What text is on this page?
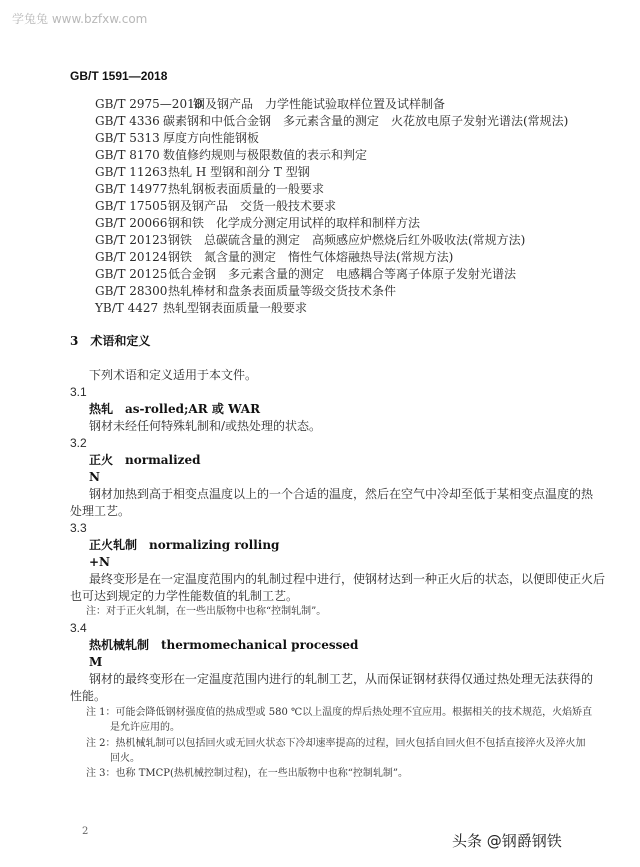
学兔兔 www.bzfxw.com
GB/T 1591—2018
GB/T 2975—2018钢及钢产品　力学性能试验取样位置及试样制备
GB/T 4336 碳素钢和中低合金钢　多元素含量的测定　火花放电原子发射光谱法(常规法)
GB/T 5313 厚度方向性能钢板
GB/T 8170 数值修约规则与极限数值的表示和判定
GB/T 11263热轧 H 型钢和剖分 T 型钢
GB/T 14977热轧钢板表面质量的一般要求
GB/T 17505钢及钢产品　交货一般技术要求
GB/T 20066钢和铁　化学成分测定用试样的取样和制样方法
GB/T 20123钢铁　总碳硫含量的测定　高频感应炉燃烧后红外吸收法(常规方法)
GB/T 20124钢铁　氮含量的测定　惰性气体熔融热导法(常规方法)
GB/T 20125低合金钢　多元素含量的测定　电感耦合等离子体原子发射光谱法
GB/T 28300热轧棒材和盘条表面质量等级交货技术条件
YB/T 4427 热轧型钢表面质量一般要求
3 术语和定义
下列术语和定义适用于本文件。
3.1
热轧 as-rolled;AR 或 WAR
钢材未经任何特殊轧制和/或热处理的状态。
3.2
正火 normalized
N
钢材加热到高于相变点温度以上的一个合适的温度，然后在空气中冷却至低于某相变点温度的热
处理工艺。
3.3
正火轧制 normalizing rolling
+N
最终变形是在一定温度范围内的轧制过程中进行，使钢材达到一种正火后的状态，以便即使正火后
也可达到规定的力学性能数值的轧制工艺。
注：对于正火轧制，在一些出版物中也称“控制轧制”。
3.4
热机械轧制 thermomechanical processed
M
钢材的最终变形在一定温度范围内进行的轧制工艺，从而保证钢材获得仅通过热处理无法获得的
性能。
注 1：可能会降低钢材强度值的热成型或 580 ℃以上温度的焊后热处理不宜应用。根据相关的技术规范，火焰矫直
是允许应用的。
注 2：热机械轧制可以包括回火或无回火状态下冷却速率提高的过程，回火包括自回火但不包括直接淬火及淬火加
回火。
注 3：也称 TMCP(热机械控制过程)，在一些出版物中也称“控制轧制”。
2
头条 @钢爵钢铁
